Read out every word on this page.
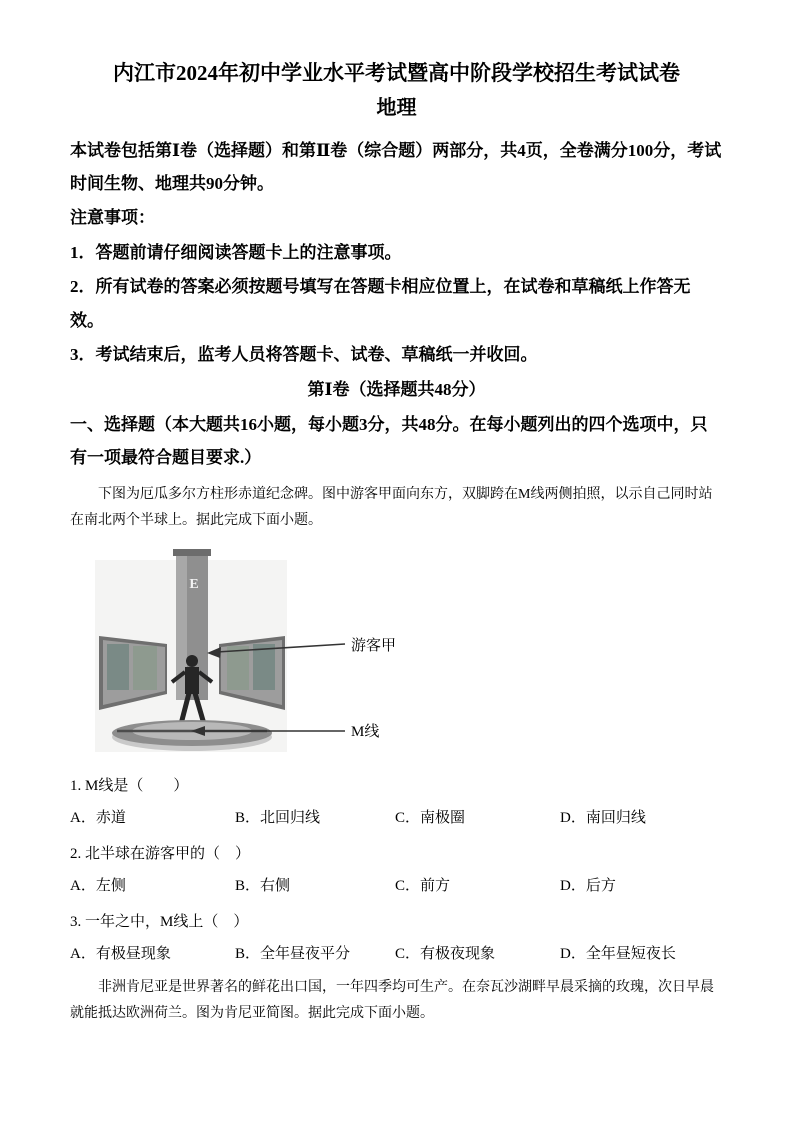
内江市2024年初中学业水平考试暨高中阶段学校招生考试试卷
地理

本试卷包括第Ⅰ卷（选择题）和第Ⅱ卷（综合题）两部分，共4页，全卷满分100分，考试时间生物、地理共90分钟。

注意事项：

1．答题前请仔细阅读答题卡上的注意事项。

2．所有试卷的答案必须按题号填写在答题卡相应位置上，在试卷和草稿纸上作答无效。

3．考试结束后，监考人员将答题卡、试卷、草稿纸一并收回。

第Ⅰ卷（选择题共48分）

一、选择题（本大题共16小题，每小题3分，共48分。在每小题列出的四个选项中，只有一项最符合题目要求.）

下图为厄瓜多尔方柱形赤道纪念碑。图中游客甲面向东方，双脚跨在M线两侧拍照，以示自己同时站在南北两个半球上。据此完成下面小题。

E
游客甲
M线

1. M线是（　　）

A．赤道	B．北回归线	C．南极圈	D．南回归线

2. 北半球在游客甲的（　）

A．左侧	B．右侧	C．前方	D．后方

3. 一年之中，M线上（　）

A．有极昼现象	B．全年昼夜平分	C．有极夜现象	D．全年昼短夜长

非洲肯尼亚是世界著名的鲜花出口国，一年四季均可生产。在奈瓦沙湖畔早晨采摘的玫瑰，次日早晨就能抵达欧洲荷兰。图为肯尼亚简图。据此完成下面小题。
